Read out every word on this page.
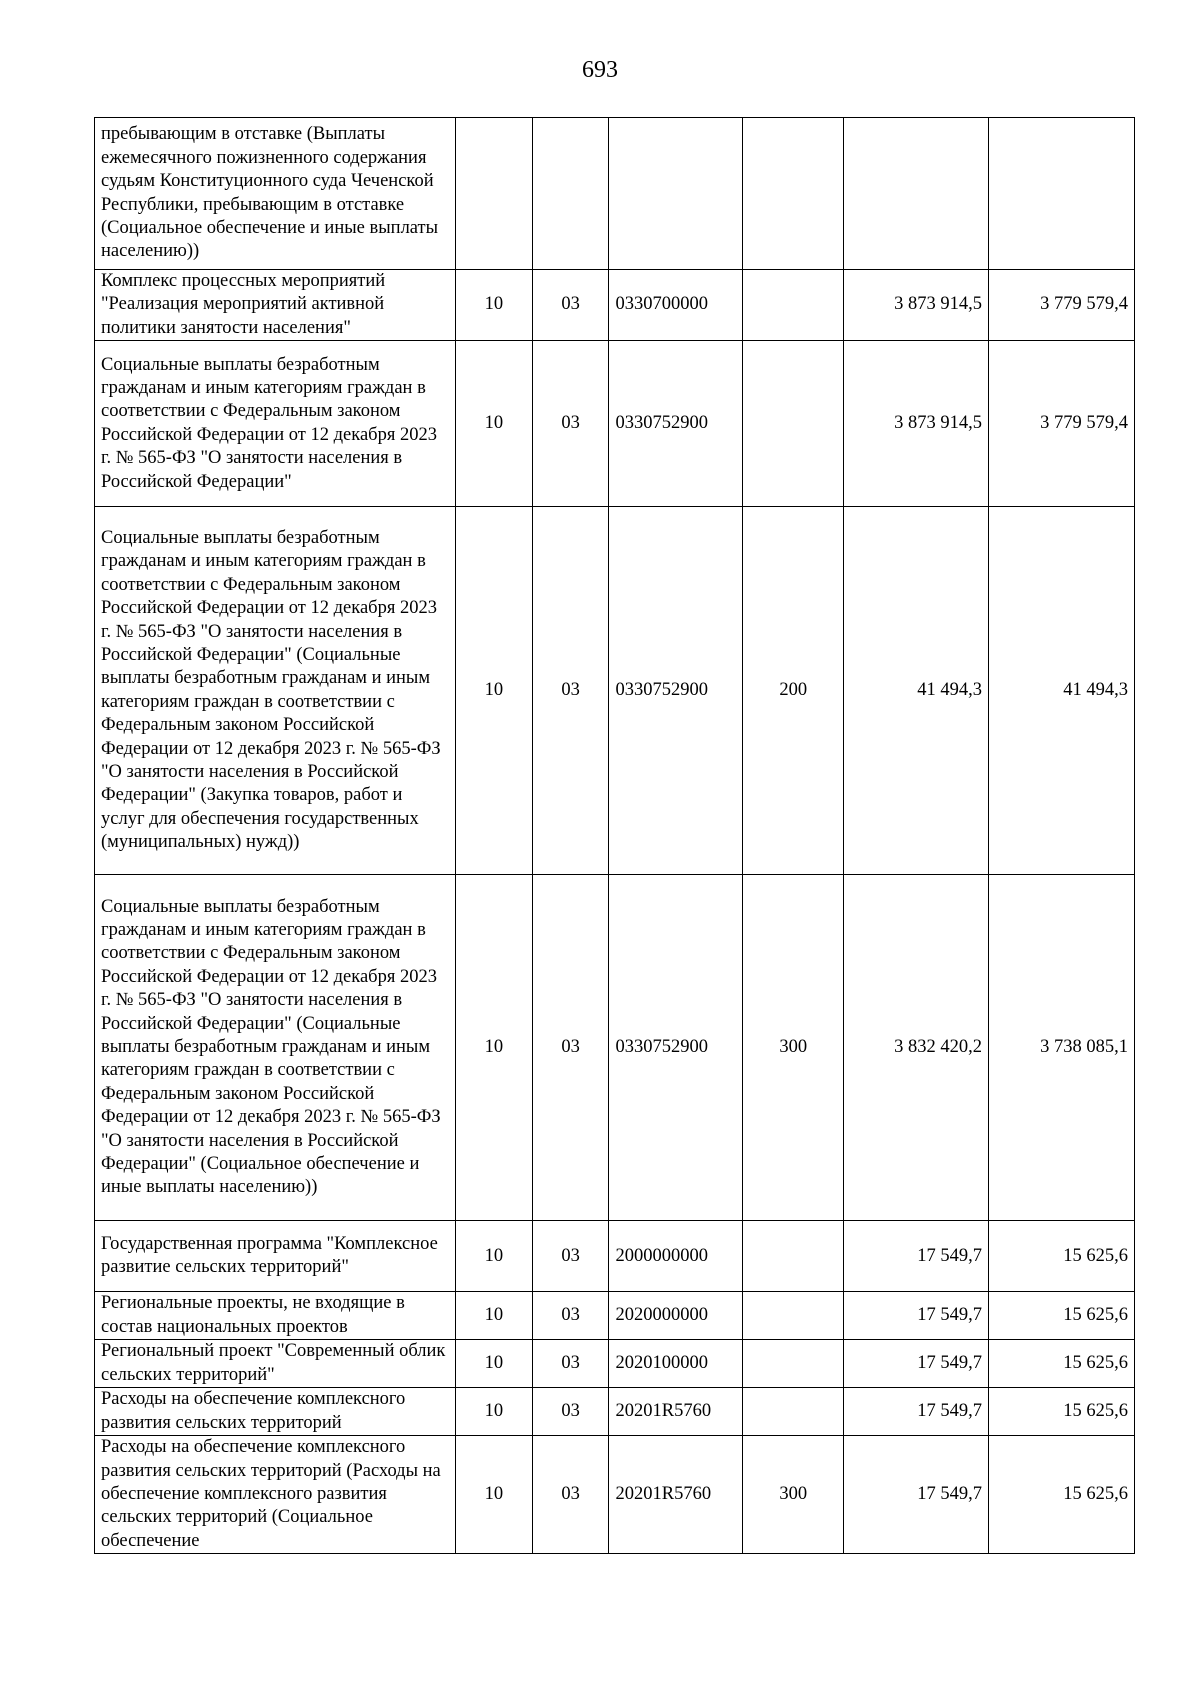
693
пребывающим в отставке (Выплаты ежемесячного пожизненного содержания судьям Конституционного суда Чеченской Республики, пребывающим в отставке (Социальное обеспечение и иные выплаты населению))						
Комплекс процессных мероприятий "Реализация мероприятий активной политики занятости населения"	10	03	0330700000		3 873 914,5	3 779 579,4
Социальные выплаты безработным гражданам и иным категориям граждан в соответствии с Федеральным законом Российской Федерации от 12 декабря 2023 г. № 565-ФЗ "О занятости населения в Российской Федерации"	10	03	0330752900		3 873 914,5	3 779 579,4
Социальные выплаты безработным гражданам и иным категориям граждан в соответствии с Федеральным законом Российской Федерации от 12 декабря 2023 г. № 565-ФЗ "О занятости населения в Российской Федерации" (Социальные выплаты безработным гражданам и иным категориям граждан в соответствии с Федеральным законом Российской Федерации от 12 декабря 2023 г. № 565-ФЗ "О занятости населения в Российской Федерации" (Закупка товаров, работ и услуг для обеспечения государственных (муниципальных) нужд))	10	03	0330752900	200	41 494,3	41 494,3
Социальные выплаты безработным гражданам и иным категориям граждан в соответствии с Федеральным законом Российской Федерации от 12 декабря 2023 г. № 565-ФЗ "О занятости населения в Российской Федерации" (Социальные выплаты безработным гражданам и иным категориям граждан в соответствии с Федеральным законом Российской Федерации от 12 декабря 2023 г. № 565-ФЗ "О занятости населения в Российской Федерации" (Социальное обеспечение и иные выплаты населению))	10	03	0330752900	300	3 832 420,2	3 738 085,1
Государственная программа "Комплексное развитие сельских территорий"	10	03	2000000000		17 549,7	15 625,6
Региональные проекты, не входящие в состав национальных проектов	10	03	2020000000		17 549,7	15 625,6
Региональный проект "Современный облик сельских территорий"	10	03	2020100000		17 549,7	15 625,6
Расходы на обеспечение комплексного развития сельских территорий	10	03	20201R5760		17 549,7	15 625,6
Расходы на обеспечение комплексного развития сельских территорий (Расходы на обеспечение комплексного развития сельских территорий (Социальное обеспечение	10	03	20201R5760	300	17 549,7	15 625,6
